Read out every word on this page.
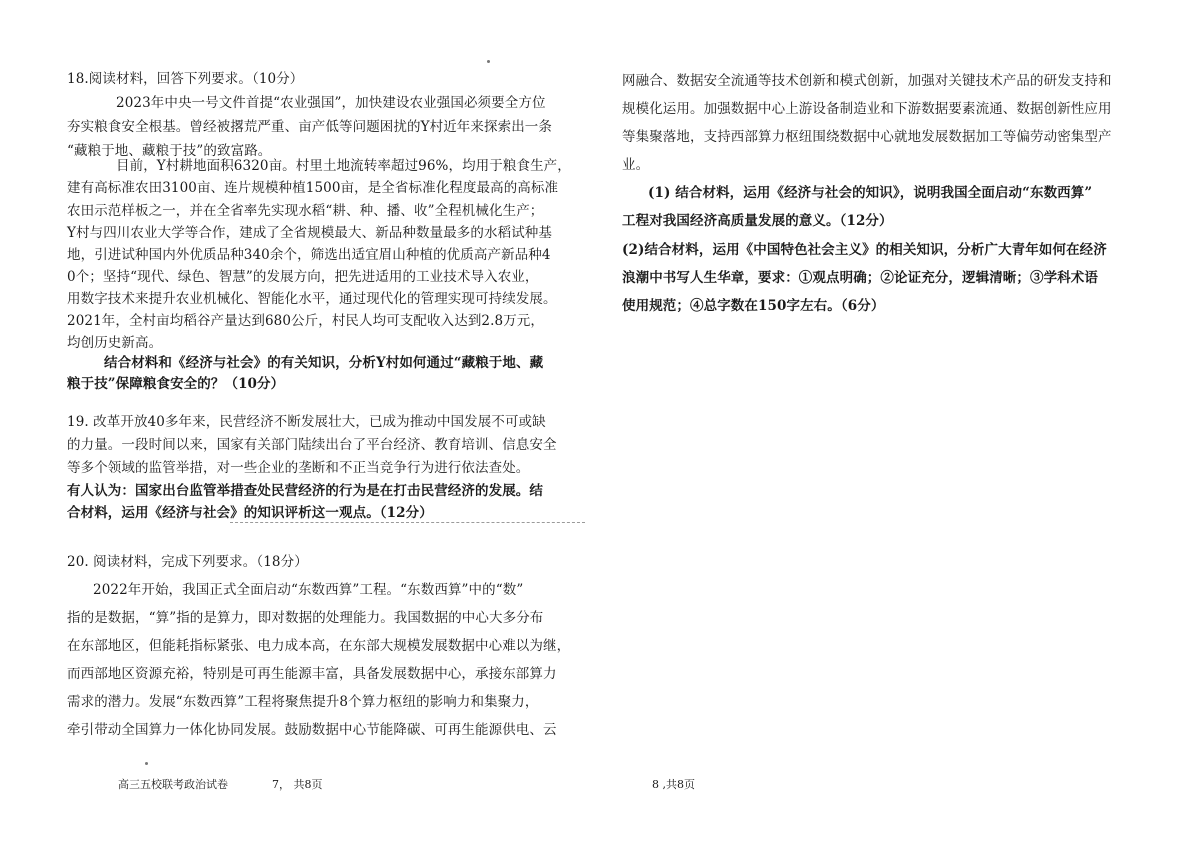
18.阅读材料，回答下列要求。（10分）
2023年中央一号文件首提“农业强国”，加快建设农业强国必须要全方位
夯实粮食安全根基。曾经被撂荒严重、亩产低等问题困扰的Y村近年来探索出一条
“藏粮于地、藏粮于技”的致富路。
目前，Y村耕地面积6320亩。村里土地流转率超过96%，均用于粮食生产，
建有高标准农田3100亩、连片规模种植1500亩，是全省标准化程度最高的高标准
农田示范样板之一，并在全省率先实现水稻“耕、种、播、收”全程机械化生产；
Y村与四川农业大学等合作，建成了全省规模最大、新品种数量最多的水稻试种基
地，引进试种国内外优质品种340余个，筛选出适宜眉山种植的优质高产新品种4
0个；坚持“现代、绿色、智慧”的发展方向，把先进适用的工业技术导入农业，
用数字技术来提升农业机械化、智能化水平，通过现代化的管理实现可持续发展。
2021年，全村亩均稻谷产量达到680公斤，村民人均可支配收入达到2.8万元，
均创历史新高。
结合材料和《经济与社会》的有关知识，分析Y村如何通过“藏粮于地、藏
粮于技”保障粮食安全的？（10分）
19. 改革开放40多年来，民营经济不断发展壮大，已成为推动中国发展不可或缺
的力量。一段时间以来，国家有关部门陆续出台了平台经济、教育培训、信息安全
等多个领域的监管举措，对一些企业的垄断和不正当竞争行为进行依法查处。
有人认为：国家出台监管举措查处民营经济的行为是在打击民营经济的发展。结
合材料，运用《经济与社会》的知识评析这一观点。（12分）
20. 阅读材料，完成下列要求。（18分）
2022年开始，我国正式全面启动“东数西算”工程。“东数西算”中的“数”
指的是数据，“算”指的是算力，即对数据的处理能力。我国数据的中心大多分布
在东部地区，但能耗指标紧张、电力成本高，在东部大规模发展数据中心难以为继，
而西部地区资源充裕，特别是可再生能源丰富，具备发展数据中心，承接东部算力
需求的潜力。发展“东数西算”工程将聚焦提升8个算力枢纽的影响力和集聚力，
牵引带动全国算力一体化协同发展。鼓励数据中心节能降碳、可再生能源供电、云
高三五校联考政治试卷	7， 共8页
网融合、数据安全流通等技术创新和模式创新，加强对关键技术产品的研发支持和
规模化运用。加强数据中心上游设备制造业和下游数据要素流通、数据创新性应用
等集聚落地，支持西部算力枢纽围绕数据中心就地发展数据加工等偏劳动密集型产
业。
(1) 结合材料，运用《经济与社会的知识》，说明我国全面启动“东数西算”
工程对我国经济高质量发展的意义。（12分）
(2)结合材料，运用《中国特色社会主义》的相关知识，分析广大青年如何在经济
浪潮中书写人生华章，要求：①观点明确；②论证充分，逻辑清晰；③学科术语
使用规范；④总字数在150字左右。（6分）
8 ,共8页
